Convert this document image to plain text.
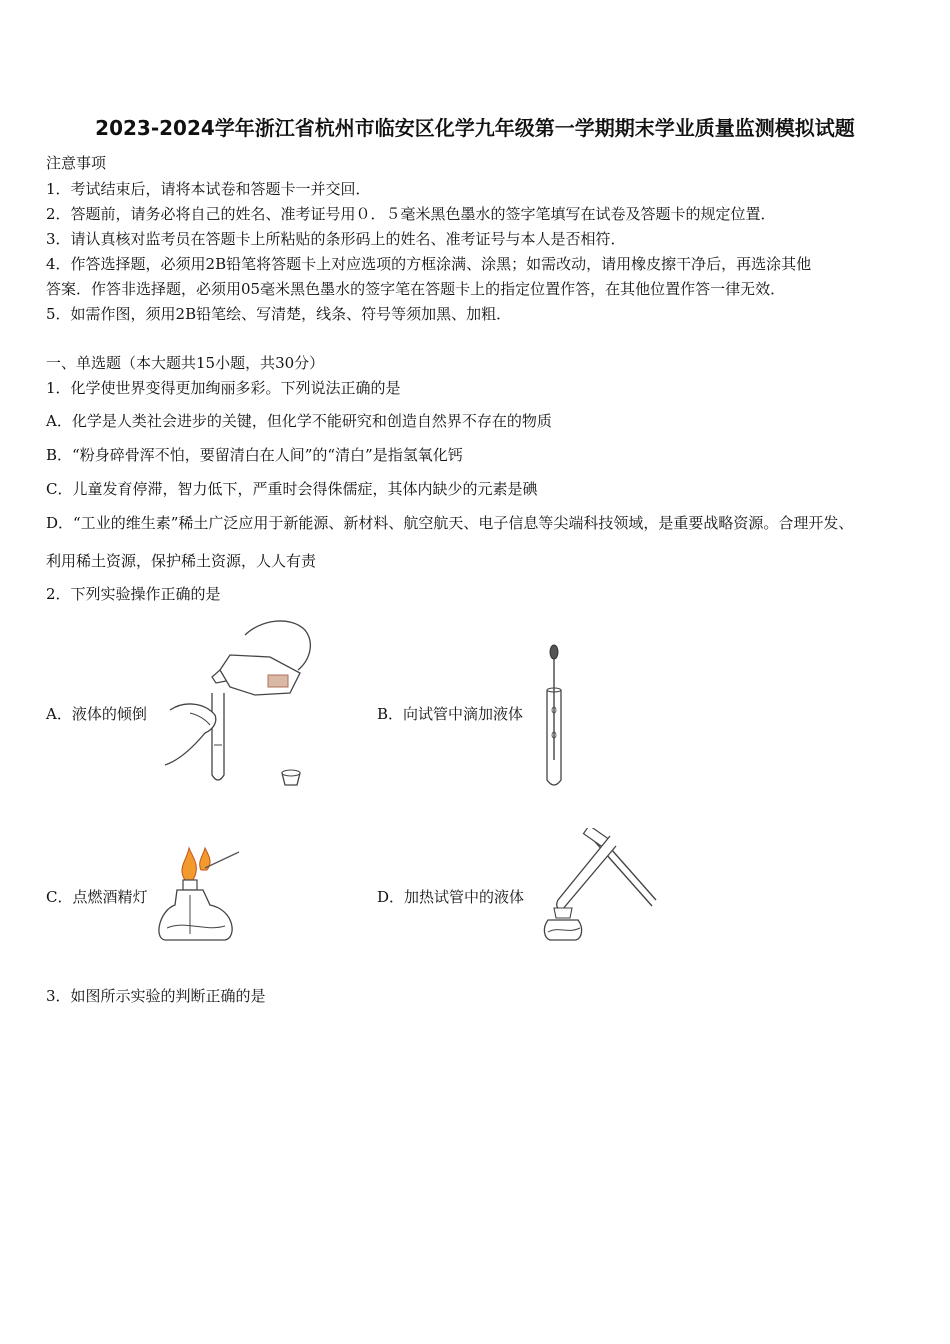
2023-2024学年浙江省杭州市临安区化学九年级第一学期期末学业质量监测模拟试题
注意事项
1．考试结束后，请将本试卷和答题卡一并交回．
2．答题前，请务必将自己的姓名、准考证号用０．５毫米黑色墨水的签字笔填写在试卷及答题卡的规定位置．
3．请认真核对监考员在答题卡上所粘贴的条形码上的姓名、准考证号与本人是否相符．
4．作答选择题，必须用2B铅笔将答题卡上对应选项的方框涂满、涂黑；如需改动，请用橡皮擦干净后，再选涂其他
答案．作答非选择题，必须用05毫米黑色墨水的签字笔在答题卡上的指定位置作答，在其他位置作答一律无效．
5．如需作图，须用2B铅笔绘、写清楚，线条、符号等须加黑、加粗．
一、单选题（本大题共15小题，共30分）
1．化学使世界变得更加绚丽多彩。下列说法正确的是
A．化学是人类社会进步的关键，但化学不能研究和创造自然界不存在的物质
B．“粉身碎骨浑不怕，要留清白在人间”的“清白”是指氢氧化钙
C．儿童发育停滞，智力低下，严重时会得侏儒症，其体内缺少的元素是碘
D．“工业的维生素”稀土广泛应用于新能源、新材料、航空航天、电子信息等尖端科技领域，是重要战略资源。合理开发、
利用稀土资源，保护稀土资源，人人有责
2．下列实验操作正确的是
A．液体的倾倒	B．向试管中滴加液体
C．点燃酒精灯	D．加热试管中的液体
3．如图所示实验的判断正确的是
